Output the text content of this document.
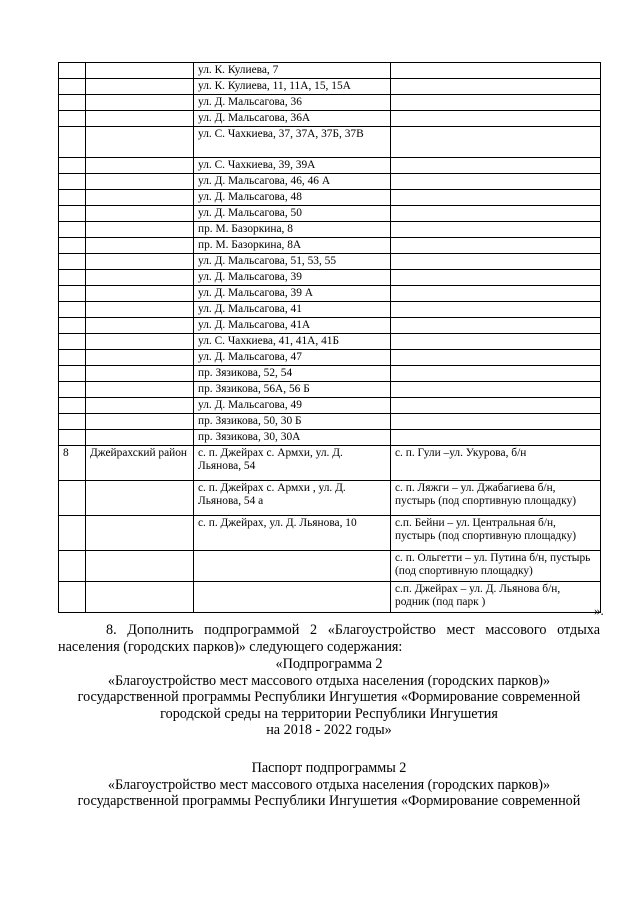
		ул. К. Кулиева, 7	
		ул. К. Кулиева, 11, 11А, 15, 15А	
		ул. Д. Мальсагова, 36	
		ул. Д. Мальсагова, 36А	
		ул. С. Чахкиева, 37, 37А, 37Б, 37В	
		ул. С. Чахкиева, 39, 39А	
		ул. Д. Мальсагова, 46, 46 А	
		ул. Д. Мальсагова, 48	
		ул. Д. Мальсагова, 50	
		пр. М. Базоркина, 8	
		пр. М. Базоркина, 8А	
		ул. Д. Мальсагова, 51, 53, 55	
		ул. Д. Мальсагова, 39	
		ул. Д. Мальсагова, 39 А	
		ул. Д. Мальсагова, 41	
		ул. Д. Мальсагова, 41А	
		ул. С. Чахкиева, 41, 41А, 41Б	
		ул. Д. Мальсагова, 47	
		пр. Зязикова, 52, 54	
		пр. Зязикова, 56А, 56 Б	
		ул. Д. Мальсагова, 49	
		пр. Зязикова, 50, 30 Б	
		пр. Зязикова, 30, 30А	
8	Джейрахский район	с. п. Джейрах с. Армхи, ул. Д. Льянова, 54	с. п. Гули –ул. Укурова, б/н
		с. п. Джейрах с. Армхи , ул. Д. Льянова, 54 а	с. п. Ляжги – ул. Джабагиева б/н, пустырь (под спортивную площадку)
		с. п. Джейрах, ул. Д. Льянова, 10	с.п. Бейни – ул. Центральная б/н, пустырь (под спортивную площадку)
			с. п. Ольгетти – ул. Путина б/н, пустырь (под спортивную площадку)
			с.п. Джейрах – ул. Д. Льянова б/н, родник (под парк )
».

8. Дополнить подпрограммой 2 «Благоустройство мест массового отдыха населения (городских парков)» следующего содержания:

«Подпрограмма 2

«Благоустройство мест массового отдыха населения (городских парков)»

государственной программы Республики Ингушетия «Формирование современной

городской среды на территории Республики Ингушетия

на 2018 - 2022 годы»

Паспорт подпрограммы 2

«Благоустройство мест массового отдыха населения (городских парков)»

государственной программы Республики Ингушетия «Формирование современной
